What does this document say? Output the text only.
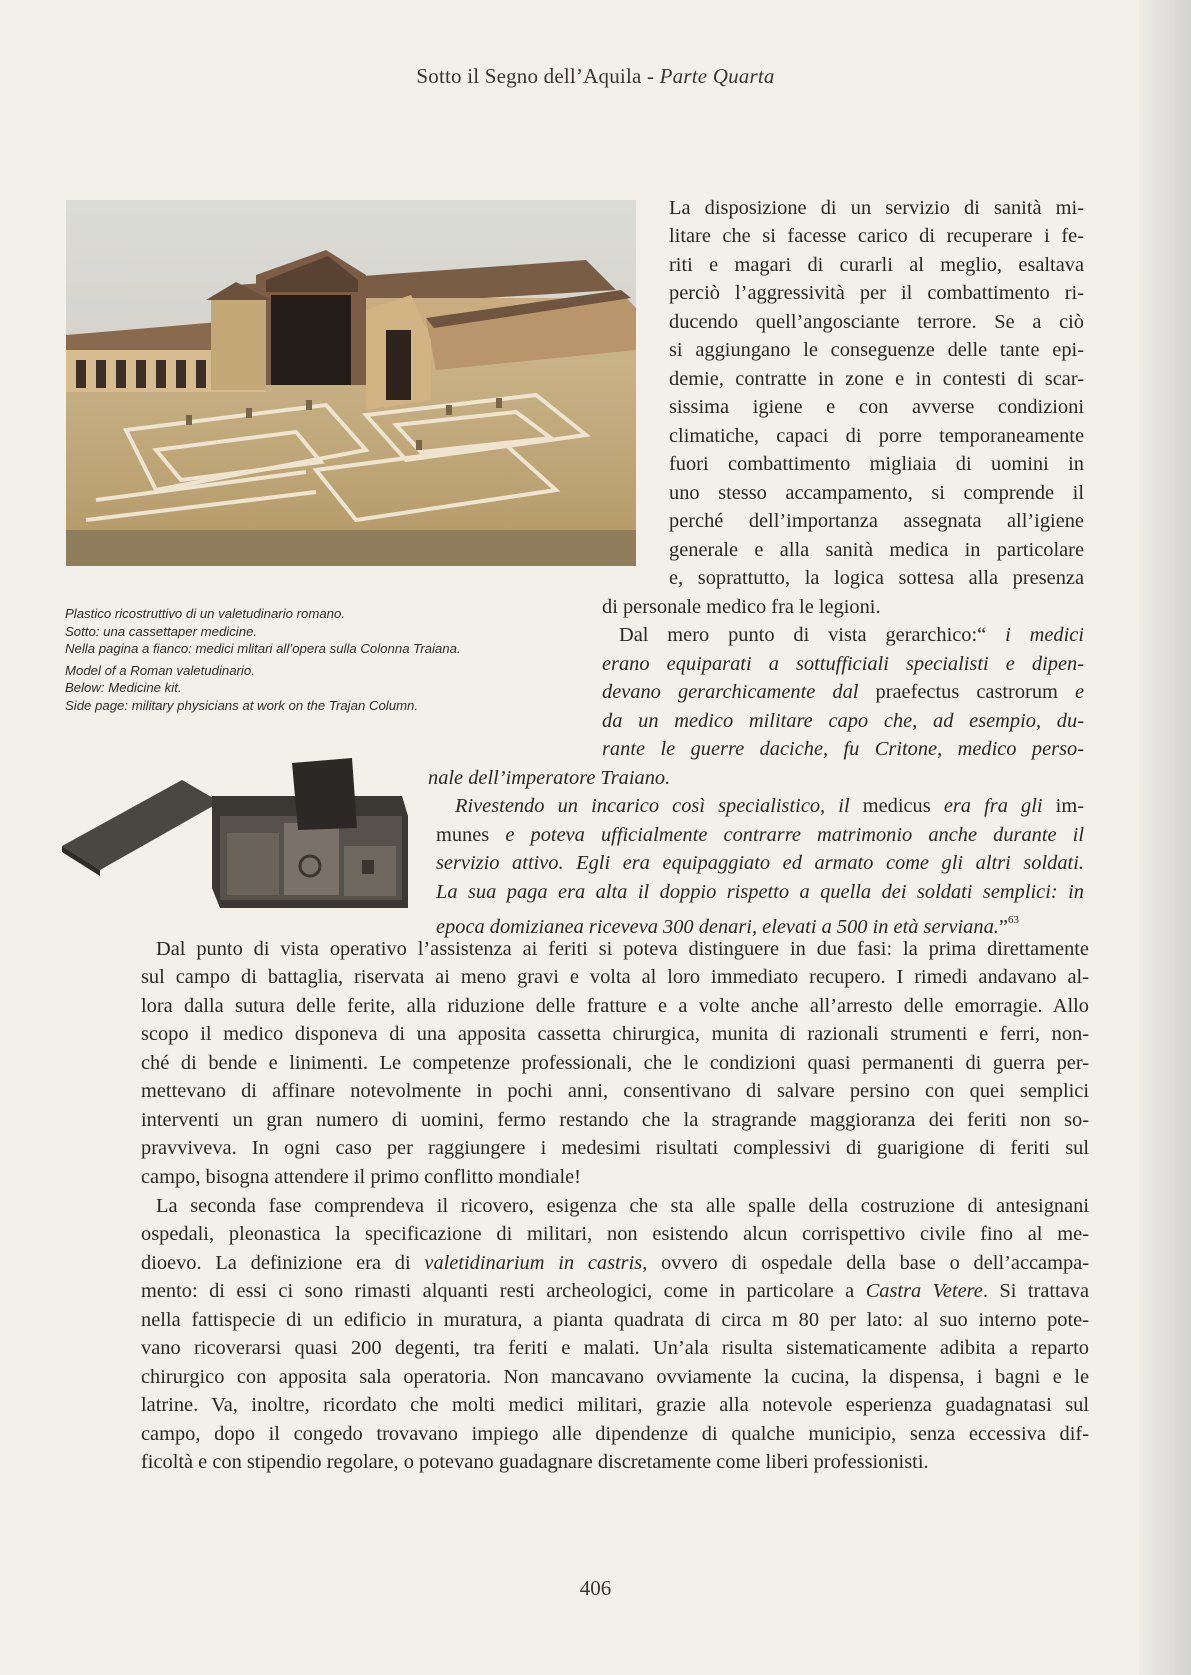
Sotto il Segno dell’Aquila - Parte Quarta

Plastico ricostruttivo di un valetudinario romano.

Sotto: una cassettaper medicine.

Nella pagina a fianco: medici mlitari all’opera sulla Colonna Traiana.

Model of a Roman valetudinario.

Below: Medicine kit.

Side page: military physicians at work on the Trajan Column.

La disposizione di un servizio di sanità mi-
litare che si facesse carico di recuperare i fe-
riti e magari di curarli al meglio, esaltava
perciò l’aggressività per il combattimento ri-
ducendo quell’angosciante terrore. Se a ciò
si aggiungano le conseguenze delle tante epi-
demie, contratte in zone e in contesti di scar-
sissima igiene e con avverse condizioni
climatiche, capaci di porre temporaneamente
fuori combattimento migliaia di uomini in
uno stesso accampamento, si comprende il
perché dell’importanza assegnata all’igiene
generale e alla sanità medica in particolare
e, soprattutto, la logica sottesa alla presenza
di personale medico fra le legioni.
Dal mero punto di vista gerarchico:“ i medici
erano equiparati a sottufficiali specialisti e dipen-
devano gerarchicamente dal praefectus castrorum e
da un medico militare capo che, ad esempio, du-
rante le guerre daciche, fu Critone, medico perso-
nale dell’imperatore Traiano.
Rivestendo un incarico così specialistico, il medicus era fra gli im-
munes e poteva ufficialmente contrarre matrimonio anche durante il
servizio attivo. Egli era equipaggiato ed armato come gli altri soldati.
La sua paga era alta il doppio rispetto a quella dei soldati semplici: in
epoca domizianea riceveva 300 denari, elevati a 500 in età serviana.”$^{63}$
Dal punto di vista operativo l’assistenza ai feriti si poteva distinguere in due fasi: la prima direttamente
sul campo di battaglia, riservata ai meno gravi e volta al loro immediato recupero. I rimedi andavano al-
lora dalla sutura delle ferite, alla riduzione delle fratture e a volte anche all’arresto delle emorragie. Allo
scopo il medico disponeva di una apposita cassetta chirurgica, munita di razionali strumenti e ferri, non-
ché di bende e linimenti. Le competenze professionali, che le condizioni quasi permanenti di guerra per-
mettevano di affinare notevolmente in pochi anni, consentivano di salvare persino con quei semplici
interventi un gran numero di uomini, fermo restando che la stragrande maggioranza dei feriti non so-
pravviveva. In ogni caso per raggiungere i medesimi risultati complessivi di guarigione di feriti sul
campo, bisogna attendere il primo conflitto mondiale!
La seconda fase comprendeva il ricovero, esigenza che sta alle spalle della costruzione di antesignani
ospedali, pleonastica la specificazione di militari, non esistendo alcun corrispettivo civile fino al me-
dioevo. La definizione era di valetidinarium in castris, ovvero di ospedale della base o dell’accampa-
mento: di essi ci sono rimasti alquanti resti archeologici, come in particolare a Castra Vetere. Si trattava
nella fattispecie di un edificio in muratura, a pianta quadrata di circa m 80 per lato: al suo interno pote-
vano ricoverarsi quasi 200 degenti, tra feriti e malati. Un’ala risulta sistematicamente adibita a reparto
chirurgico con apposita sala operatoria. Non mancavano ovviamente la cucina, la dispensa, i bagni e le
latrine. Va, inoltre, ricordato che molti medici militari, grazie alla notevole esperienza guadagnatasi sul
campo, dopo il congedo trovavano impiego alle dipendenze di qualche municipio, senza eccessiva dif-
ficoltà e con stipendio regolare, o potevano guadagnare discretamente come liberi professionisti.
406
